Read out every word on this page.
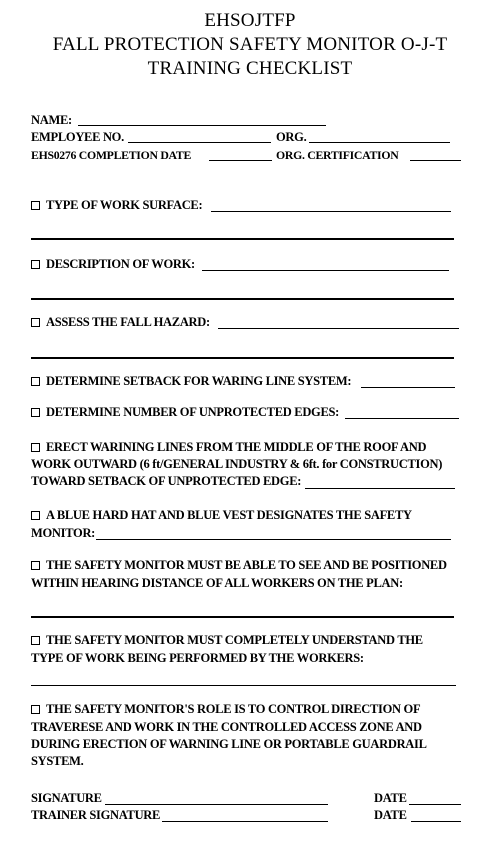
EHSOJTFP
FALL PROTECTION SAFETY MONITOR O-J-T
TRAINING CHECKLIST
NAME:
EMPLOYEE NO.	ORG.
EHS0276 COMPLETION DATE	ORG. CERTIFICATION
TYPE OF WORK SURFACE:
DESCRIPTION OF WORK:
ASSESS THE FALL HAZARD:
DETERMINE SETBACK FOR WARING LINE SYSTEM:
DETERMINE NUMBER OF UNPROTECTED EDGES:
ERECT WARINING LINES FROM THE MIDDLE OF THE ROOF AND
WORK OUTWARD (6 ft/GENERAL INDUSTRY & 6ft. for CONSTRUCTION)
TOWARD SETBACK OF UNPROTECTED EDGE:
A BLUE HARD HAT AND BLUE VEST DESIGNATES THE SAFETY
MONITOR:
THE SAFETY MONITOR MUST BE ABLE TO SEE AND BE POSITIONED
WITHIN HEARING DISTANCE OF ALL WORKERS ON THE PLAN:
THE SAFETY MONITOR MUST COMPLETELY UNDERSTAND THE
TYPE OF WORK BEING PERFORMED BY THE WORKERS:
THE SAFETY MONITOR'S ROLE IS TO CONTROL DIRECTION OF
TRAVERESE AND WORK IN THE CONTROLLED ACCESS ZONE AND
DURING ERECTION OF WARNING LINE OR PORTABLE GUARDRAIL
SYSTEM.
SIGNATURE	DATE
TRAINER SIGNATURE	DATE
